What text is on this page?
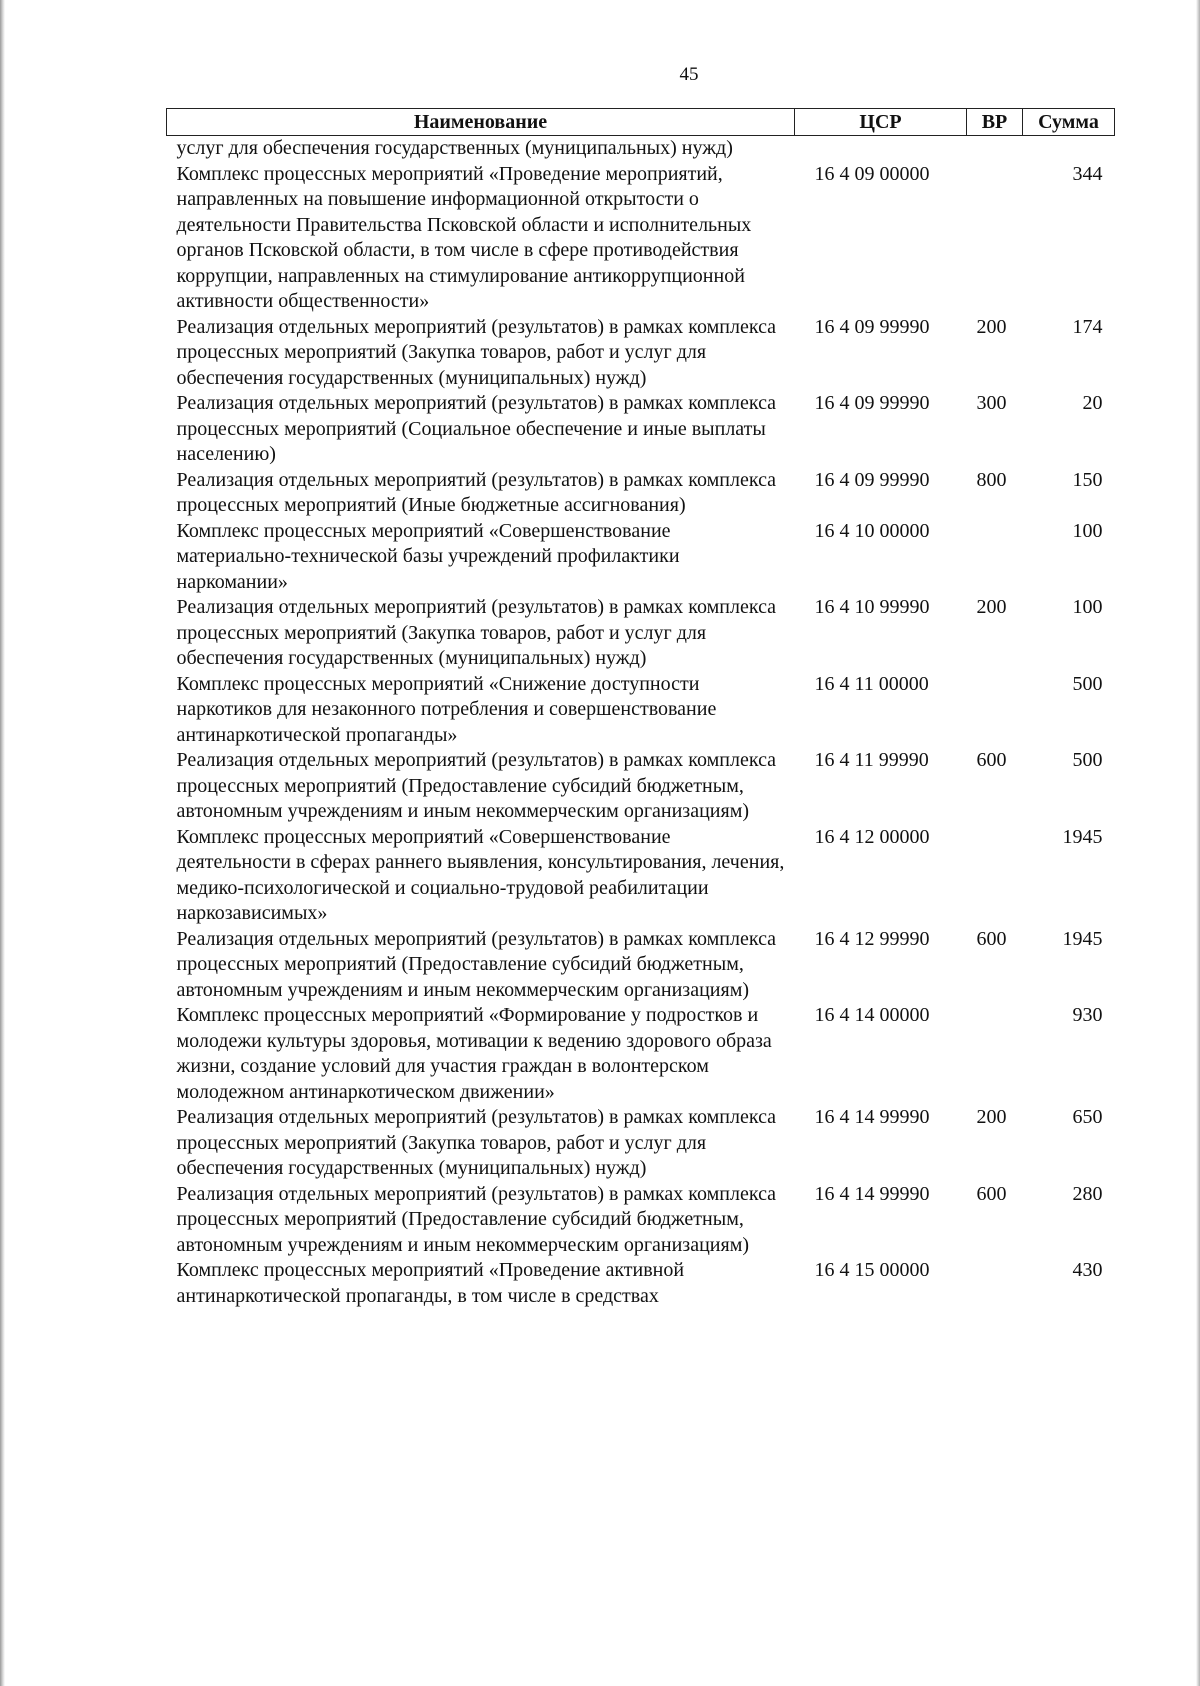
45
Наименование	ЦСР	ВР	Сумма
услуг для обеспечения государственных (муниципальных) нужд)			
Комплекс процессных мероприятий «Проведение мероприятий, направленных на повышение информационной открытости о деятельности Правительства Псковской области и исполнительных органов Псковской области, в том числе в сфере противодействия коррупции, направленных на стимулирование антикоррупционной активности общественности»	16 4 09 00000		344
Реализация отдельных мероприятий (результатов) в рамках комплекса процессных мероприятий (Закупка товаров, работ и услуг для обеспечения государственных (муниципальных) нужд)	16 4 09 99990	200	174
Реализация отдельных мероприятий (результатов) в рамках комплекса процессных мероприятий (Социальное обеспечение и иные выплаты населению)	16 4 09 99990	300	20
Реализация отдельных мероприятий (результатов) в рамках комплекса процессных мероприятий (Иные бюджетные ассигнования)	16 4 09 99990	800	150
Комплекс процессных мероприятий «Совершенствование материально-технической базы учреждений профилактики наркомании»	16 4 10 00000		100
Реализация отдельных мероприятий (результатов) в рамках комплекса процессных мероприятий (Закупка товаров, работ и услуг для обеспечения государственных (муниципальных) нужд)	16 4 10 99990	200	100
Комплекс процессных мероприятий «Снижение доступности наркотиков для незаконного потребления и совершенствование антинаркотической пропаганды»	16 4 11 00000		500
Реализация отдельных мероприятий (результатов) в рамках комплекса процессных мероприятий (Предоставление субсидий бюджетным, автономным учреждениям и иным некоммерческим организациям)	16 4 11 99990	600	500
Комплекс процессных мероприятий «Совершенствование деятельности в сферах раннего выявления, консультирования, лечения, медико-психологической и социально-трудовой реабилитации наркозависимых»	16 4 12 00000		1945
Реализация отдельных мероприятий (результатов) в рамках комплекса процессных мероприятий (Предоставление субсидий бюджетным, автономным учреждениям и иным некоммерческим организациям)	16 4 12 99990	600	1945
Комплекс процессных мероприятий «Формирование у подростков и молодежи культуры здоровья, мотивации к ведению здорового образа жизни, создание условий для участия граждан в волонтерском молодежном антинаркотическом движении»	16 4 14 00000		930
Реализация отдельных мероприятий (результатов) в рамках комплекса процессных мероприятий (Закупка товаров, работ и услуг для обеспечения государственных (муниципальных) нужд)	16 4 14 99990	200	650
Реализация отдельных мероприятий (результатов) в рамках комплекса процессных мероприятий (Предоставление субсидий бюджетным, автономным учреждениям и иным некоммерческим организациям)	16 4 14 99990	600	280
Комплекс процессных мероприятий «Проведение активной антинаркотической пропаганды, в том числе в средствах	16 4 15 00000		430
